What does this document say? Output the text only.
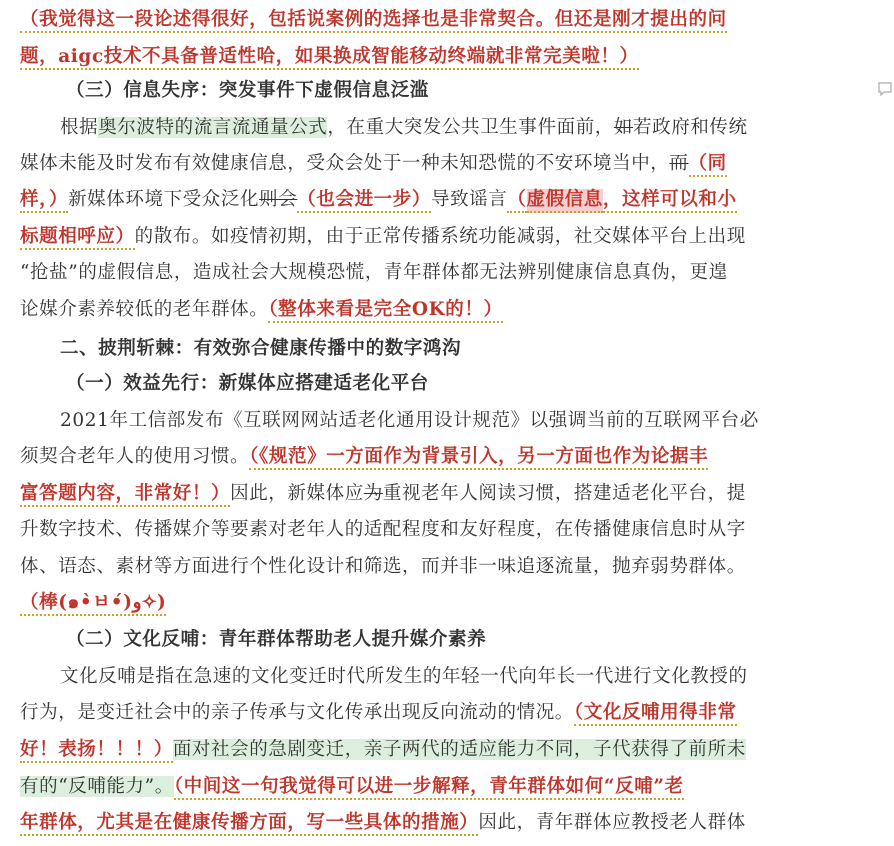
（我觉得这一段论述得很好，包括说案例的选择也是非常契合。但还是刚才提出的问
题，aigc技术不具备普适性哈，如果换成智能移动终端就非常完美啦！）
（三）信息失序：突发事件下虚假信息泛滥
根据奥尔波特的流言流通量公式，在重大突发公共卫生事件面前，如若政府和传统
媒体未能及时发布有效健康信息，受众会处于一种未知恐慌的不安环境当中，而（同
样，）新媒体环境下受众泛化则会（也会进一步）导致谣言（虚假信息，这样可以和小
标题相呼应）的散布。如疫情初期，由于正常传播系统功能减弱，社交媒体平台上出现
“抢盐”的虚假信息，造成社会大规模恐慌，青年群体都无法辨别健康信息真伪，更遑
论媒介素养较低的老年群体。（整体来看是完全OK的！）
二、披荆斩棘：有效弥合健康传播中的数字鸿沟
（一）效益先行：新媒体应搭建适老化平台
2021年工信部发布《互联网网站适老化通用设计规范》以强调当前的互联网平台必
须契合老年人的使用习惯。（《规范》一方面作为背景引入，另一方面也作为论据丰
富答题内容，非常好！）因此，新媒体应为重视老年人阅读习惯，搭建适老化平台，提
升数字技术、传播媒介等要素对老年人的适配程度和友好程度，在传播健康信息时从字
体、语态、素材等方面进行个性化设计和筛选，而并非一味追逐流量，抛弃弱势群体。
（棒(๑•̀ㅂ•́)و✧)
（二）文化反哺：青年群体帮助老人提升媒介素养
文化反哺是指在急速的文化变迁时代所发生的年轻一代向年长一代进行文化教授的
行为，是变迁社会中的亲子传承与文化传承出现反向流动的情况。（文化反哺用得非常
好！表扬！！！）面对社会的急剧变迁，亲子两代的适应能力不同，子代获得了前所未
有的“反哺能力”。（中间这一句我觉得可以进一步解释，青年群体如何“反哺”老
年群体，尤其是在健康传播方面，写一些具体的措施）因此，青年群体应教授老人群体
